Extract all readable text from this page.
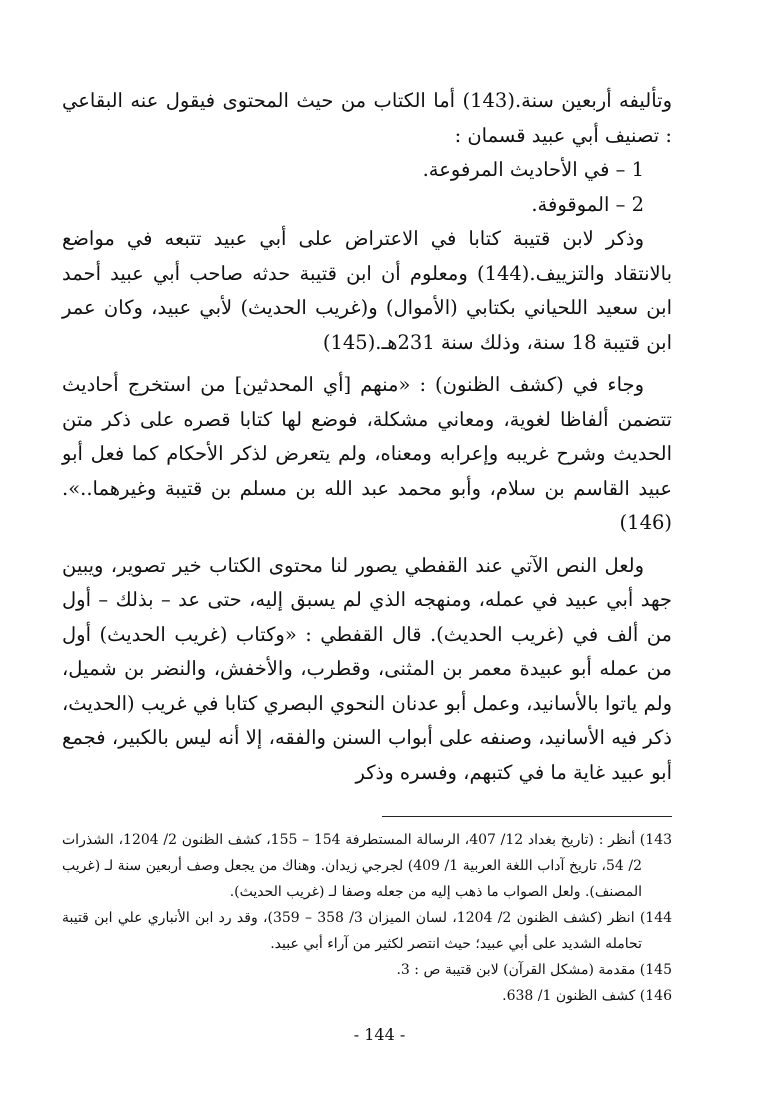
وتأليفه أربعين سنة.(143) أما الكتاب من حيث المحتوى فيقول عنه البقاعي : تصنيف أبي عبيد قسمان :

1 – في الأحاديث المرفوعة.

2 – الموقوفة.

وذكر لابن قتيبة كتابا في الاعتراض على أبي عبيد تتبعه في مواضع بالانتقاد والتزييف.(144) ومعلوم أن ابن قتيبة حدثه صاحب أبي عبيد أحمد ابن سعيد اللحياني بكتابي (الأموال) و(غريب الحديث) لأبي عبيد، وكان عمر ابن قتيبة 18 سنة، وذلك سنة 231هـ.(145)

وجاء في (كشف الظنون) : «منهم [أي المحدثين] من استخرج أحاديث تتضمن ألفاظا لغوية، ومعاني مشكلة، فوضع لها كتابا قصره على ذكر متن الحديث وشرح غريبه وإعرابه ومعناه، ولم يتعرض لذكر الأحكام كما فعل أبو عبيد القاسم بن سلام، وأبو محمد عبد الله بن مسلم بن قتيبة وغيرهما..».(146)

ولعل النص الآتي عند القفطي يصور لنا محتوى الكتاب خير تصوير، ويبين جهد أبي عبيد في عمله، ومنهجه الذي لم يسبق إليه، حتى عد – بذلك – أول من ألف في (غريب الحديث). قال القفطي : «وكتاب (غريب الحديث) أول من عمله أبو عبيدة معمر بن المثنى، وقطرب، والأخفش، والنضر بن شميل، ولم ياتوا بالأسانيد، وعمل أبو عدنان النحوي البصري كتابا في غريب (الحديث، ذكر فيه الأسانيد، وصنفه على أبواب السنن والفقه، إلا أنه ليس بالكبير، فجمع أبو عبيد غاية ما في كتبهم، وفسره وذكر

143) أنظر : (تاريخ بغداد 12/ 407، الرسالة المستطرفة 154 – 155، كشف الظنون 2/ 1204، الشذرات 2/ 54، تاريخ آداب اللغة العربية 1/ 409) لجرجي زيدان. وهناك من يجعل وصف أربعين سنة لـ (غريب المصنف). ولعل الصواب ما ذهب إليه من جعله وصفا لـ (غريب الحديث).

144) انظر (كشف الظنون 2/ 1204، لسان الميزان 3/ 358 – 359)، وقد رد ابن الأنباري علي ابن قتيبة تحامله الشديد على أبي عبيد؛ حيث انتصر لكثير من آراء أبي عبيد.

145) مقدمة (مشكل القرآن) لابن قتيبة ص : 3.

146) كشف الظنون 1/ 638.

- 144 -
